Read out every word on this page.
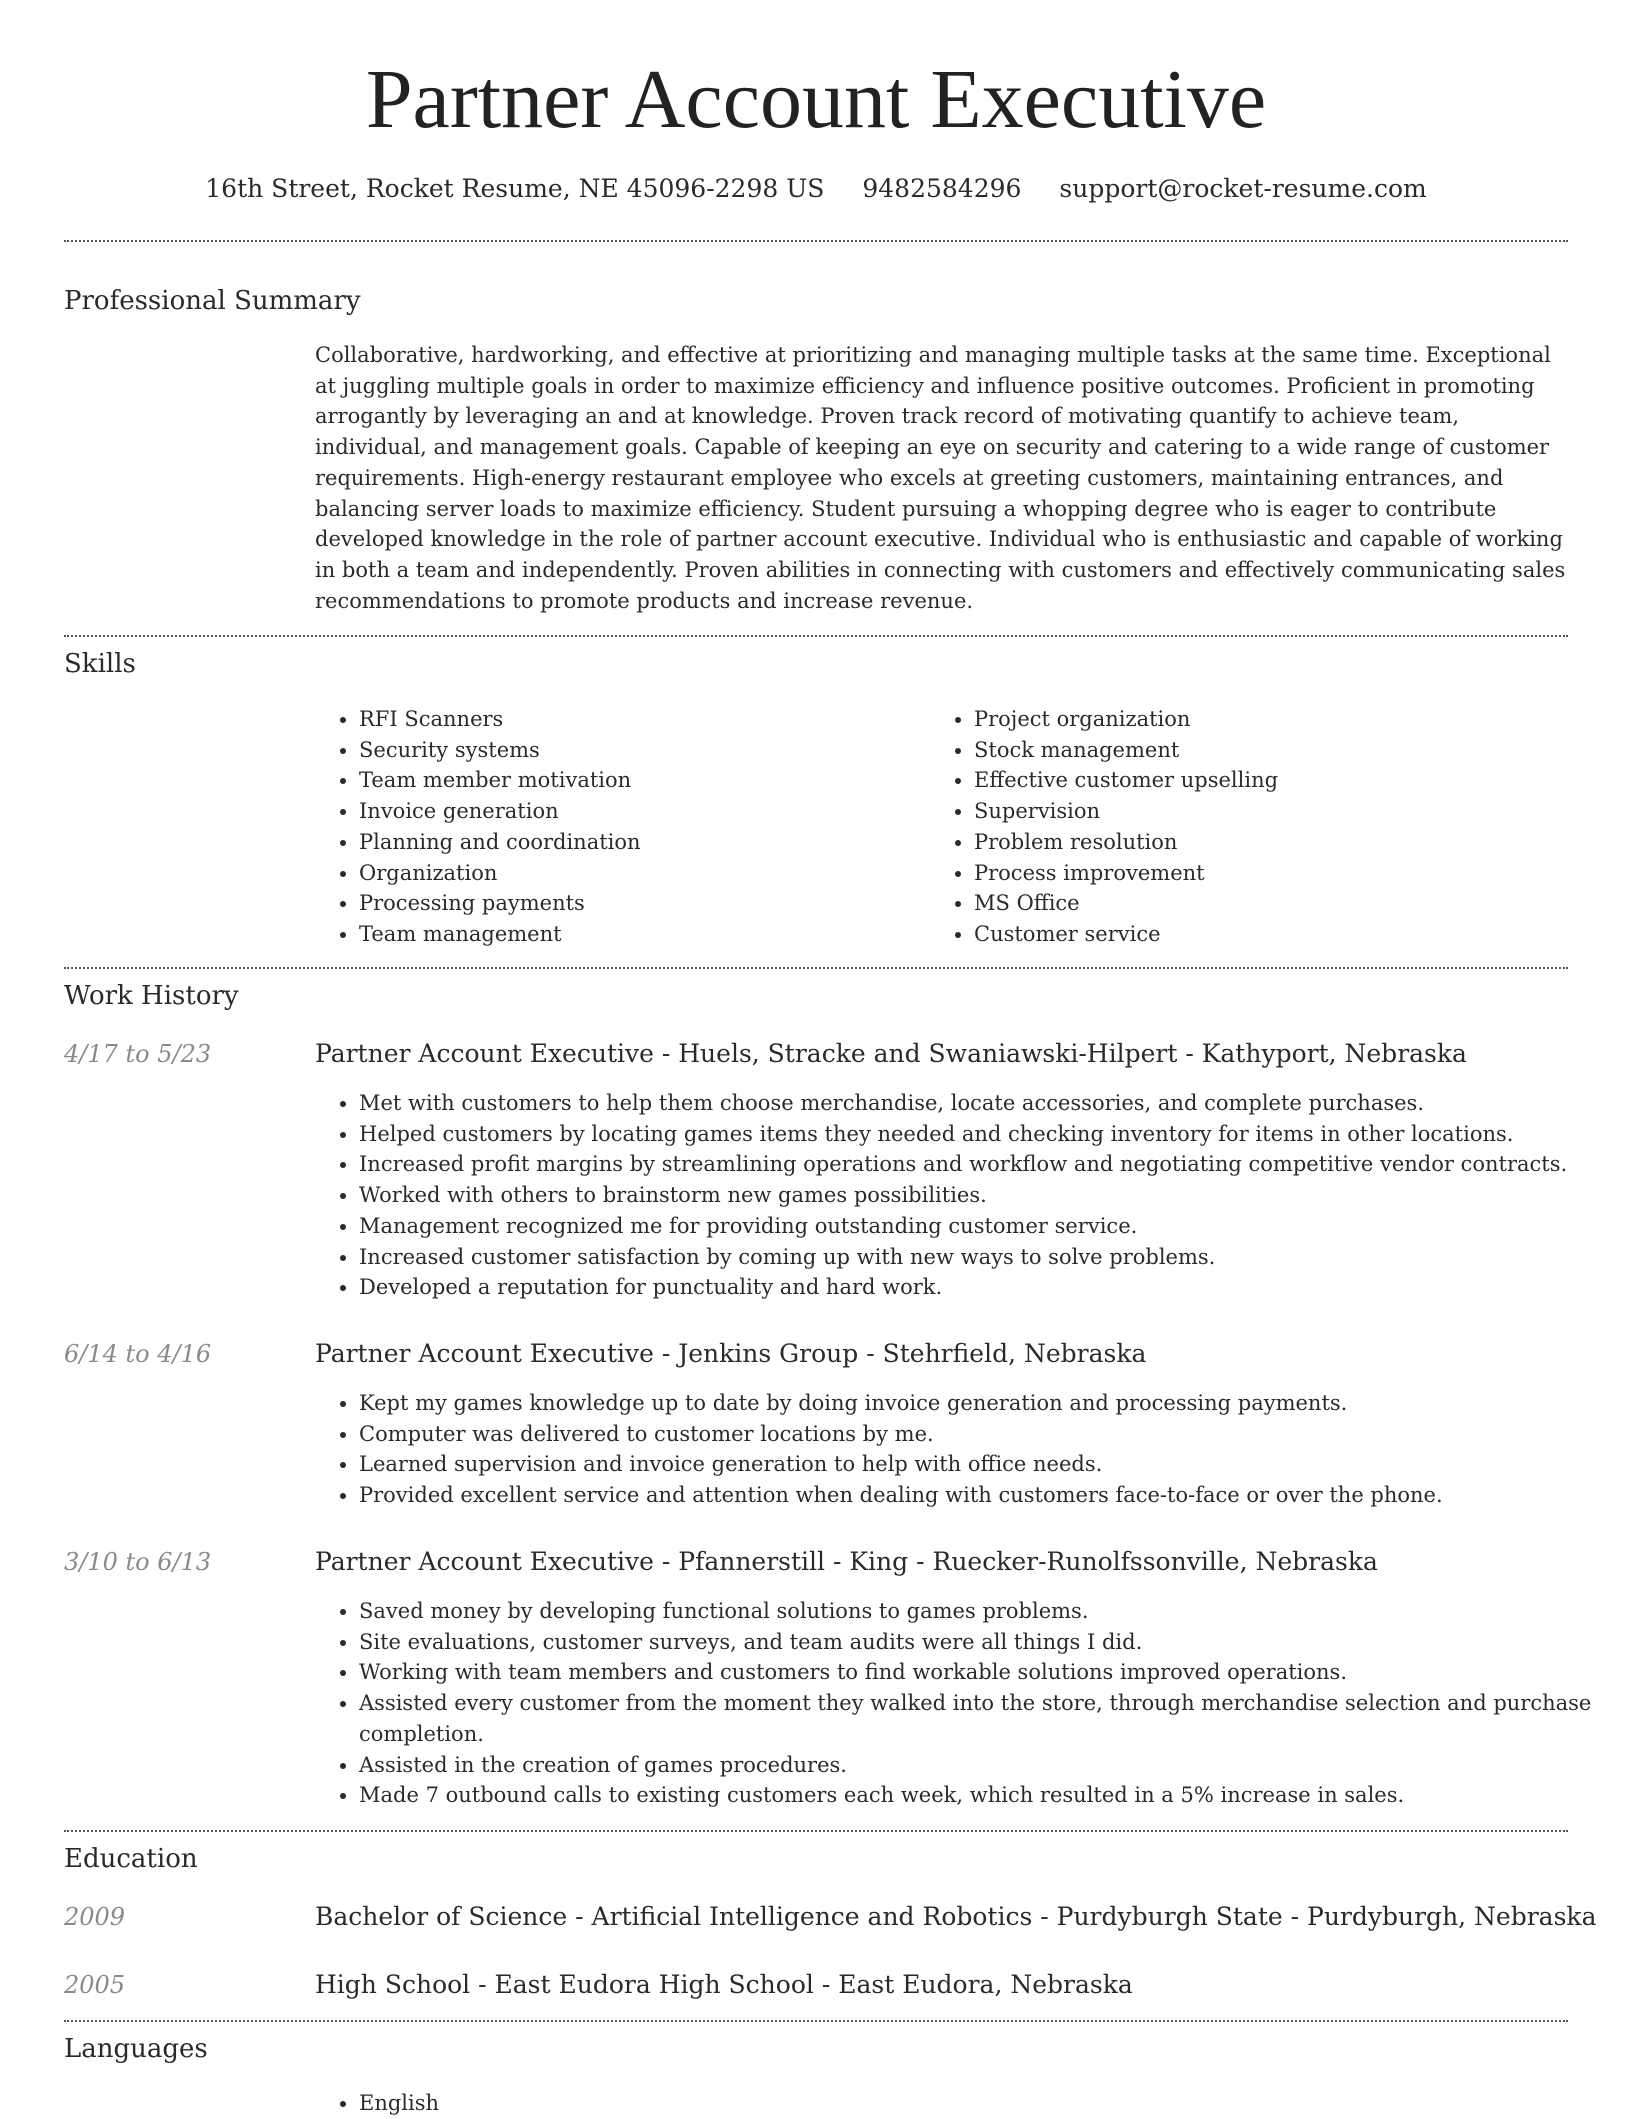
Partner Account Executive
16th Street, Rocket Resume, NE 45096-2298 US 9482584296 support@rocket-resume.com
Professional Summary

Collaborative, hardworking, and effective at prioritizing and managing multiple tasks at the same time. Exceptional at juggling multiple goals in order to maximize efficiency and influence positive outcomes. Proficient in promoting arrogantly by leveraging an and at knowledge. Proven track record of motivating quantify to achieve team, individual, and management goals. Capable of keeping an eye on security and catering to a wide range of customer requirements. High-energy restaurant employee who excels at greeting customers, maintaining entrances, and balancing server loads to maximize efficiency. Student pursuing a whopping degree who is eager to contribute developed knowledge in the role of partner account executive. Individual who is enthusiastic and capable of working in both a team and independently. Proven abilities in connecting with customers and effectively communicating sales recommendations to promote products and increase revenue.

Skills
• RFI Scanners
• Security systems
• Team member motivation
• Invoice generation
• Planning and coordination
• Organization
• Processing payments
• Team management
• Project organization
• Stock management
• Effective customer upselling
• Supervision
• Problem resolution
• Process improvement
• MS Office
• Customer service
Work History
4/17 to 5/23	Partner Account Executive - Huels, Stracke and Swaniawski-Hilpert - Kathyport, Nebraska
• Met with customers to help them choose merchandise, locate accessories, and complete purchases.
• Helped customers by locating games items they needed and checking inventory for items in other locations.
• Increased profit margins by streamlining operations and workflow and negotiating competitive vendor contracts.
• Worked with others to brainstorm new games possibilities.
• Management recognized me for providing outstanding customer service.
• Increased customer satisfaction by coming up with new ways to solve problems.
• Developed a reputation for punctuality and hard work.
6/14 to 4/16	Partner Account Executive - Jenkins Group - Stehrfield, Nebraska
• Kept my games knowledge up to date by doing invoice generation and processing payments.
• Computer was delivered to customer locations by me.
• Learned supervision and invoice generation to help with office needs.
• Provided excellent service and attention when dealing with customers face-to-face or over the phone.
3/10 to 6/13	Partner Account Executive - Pfannerstill - King - Ruecker-Runolfssonville, Nebraska
• Saved money by developing functional solutions to games problems.
• Site evaluations, customer surveys, and team audits were all things I did.
• Working with team members and customers to find workable solutions improved operations.
• Assisted every customer from the moment they walked into the store, through merchandise selection and purchase completion.
• Assisted in the creation of games procedures.
• Made 7 outbound calls to existing customers each week, which resulted in a 5% increase in sales.
Education
2009	Bachelor of Science - Artificial Intelligence and Robotics - Purdyburgh State - Purdyburgh, Nebraska
2005	High School - East Eudora High School - East Eudora, Nebraska
Languages
• English
